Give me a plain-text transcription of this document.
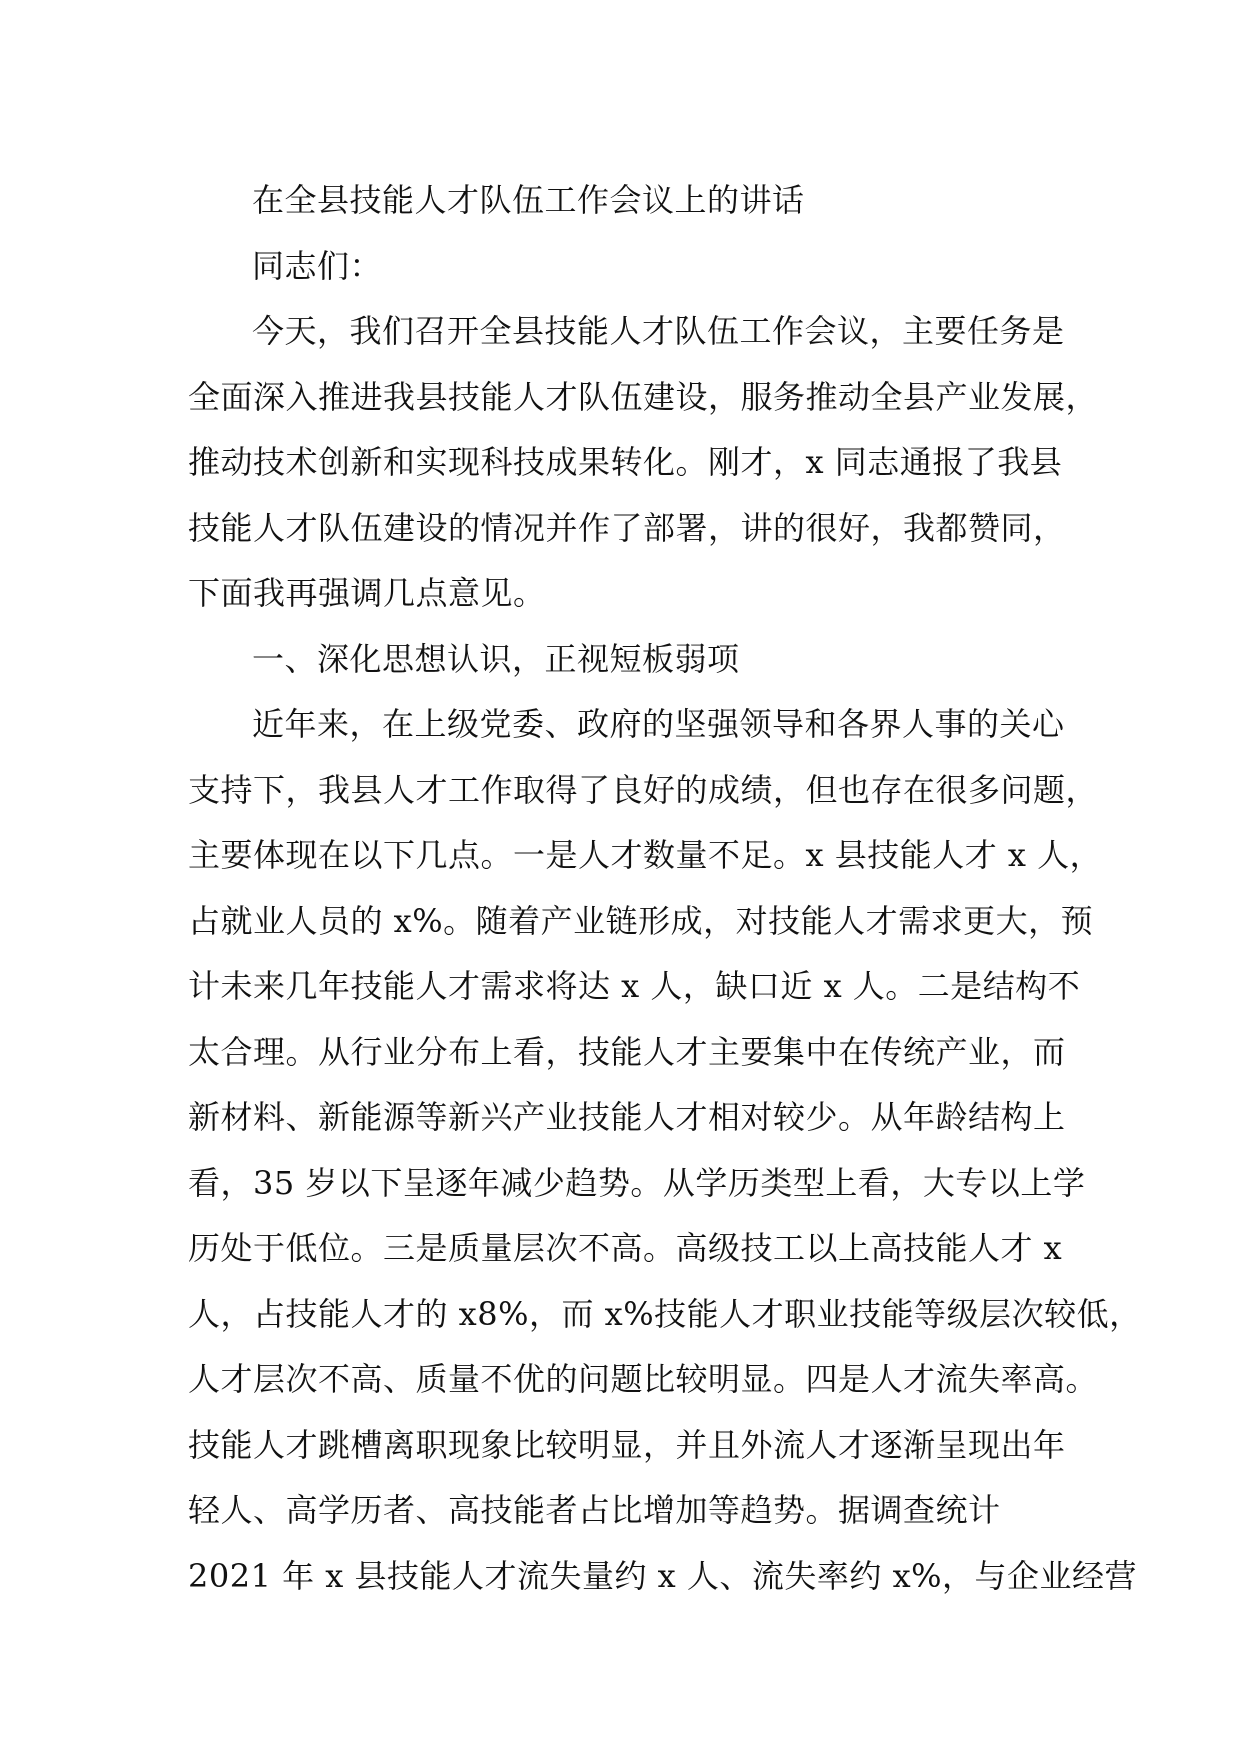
在全县技能人才队伍工作会议上的讲话
同志们：
今天，我们召开全县技能人才队伍工作会议，主要任务是
全面深入推进我县技能人才队伍建设，服务推动全县产业发展，
推动技术创新和实现科技成果转化。刚才，x 同志通报了我县
技能人才队伍建设的情况并作了部署，讲的很好，我都赞同，
下面我再强调几点意见。
一、深化思想认识，正视短板弱项
近年来，在上级党委、政府的坚强领导和各界人事的关心
支持下，我县人才工作取得了良好的成绩，但也存在很多问题，
主要体现在以下几点。一是人才数量不足。x 县技能人才 x 人，
占就业人员的 x%。随着产业链形成，对技能人才需求更大，预
计未来几年技能人才需求将达 x 人，缺口近 x 人。二是结构不
太合理。从行业分布上看，技能人才主要集中在传统产业，而
新材料、新能源等新兴产业技能人才相对较少。从年龄结构上
看，35 岁以下呈逐年减少趋势。从学历类型上看，大专以上学
历处于低位。三是质量层次不高。高级技工以上高技能人才 x
人，占技能人才的 x8%，而 x%技能人才职业技能等级层次较低，
人才层次不高、质量不优的问题比较明显。四是人才流失率高。
技能人才跳槽离职现象比较明显，并且外流人才逐渐呈现出年
轻人、高学历者、高技能者占比增加等趋势。据调查统计
2021 年 x 县技能人才流失量约 x 人、流失率约 x%，与企业经营
